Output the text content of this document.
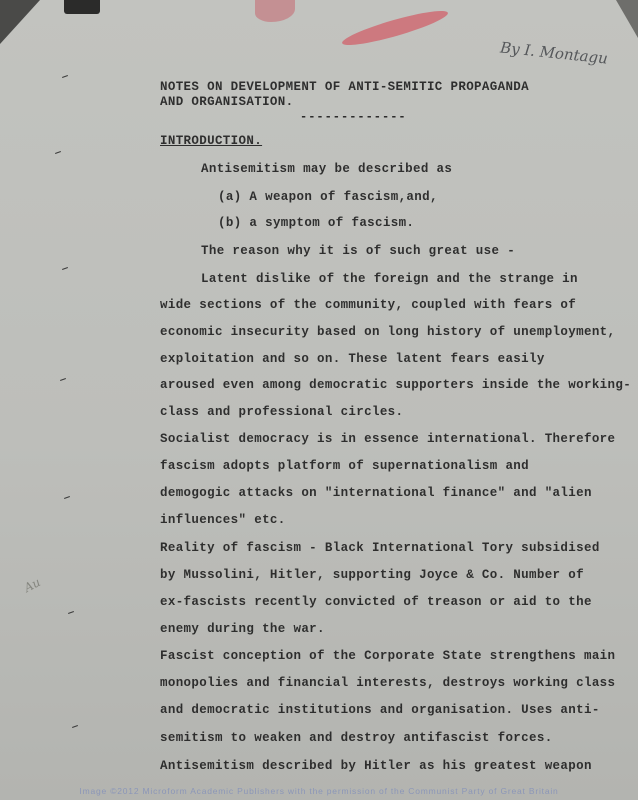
By I. Montagu
NOTES ON DEVELOPMENT OF ANTI-SEMITIC PROPAGANDA
AND ORGANISATION.
-------------
INTRODUCTION.
Antisemitism may be described as
(a) A weapon of fascism,and,
(b) a symptom of fascism.
The reason why it is of such great use -
Latent dislike of the foreign and the strange in
wide sections of the community, coupled with fears of
economic insecurity based on long history of unemployment,
exploitation and so on. These latent fears easily
aroused even among democratic supporters inside the working-
class and professional circles.
Socialist democracy is in essence international. Therefore
fascism adopts platform of supernationalism and
demogogic attacks on "international finance" and "alien
influences" etc.
Reality of fascism - Black International Tory subsidised
by Mussolini, Hitler, supporting Joyce & Co. Number of
ex-fascists recently convicted of treason or aid to the
enemy during the war.
Fascist conception of the Corporate State strengthens main
monopolies and financial interests, destroys working class
and democratic institutions and organisation. Uses anti-
semitism to weaken and destroy antifascist forces.
Antisemitism described by Hitler as his greatest weapon
Au
Image ©2012 Microform Academic Publishers with the permission of the Communist Party of Great Britain
